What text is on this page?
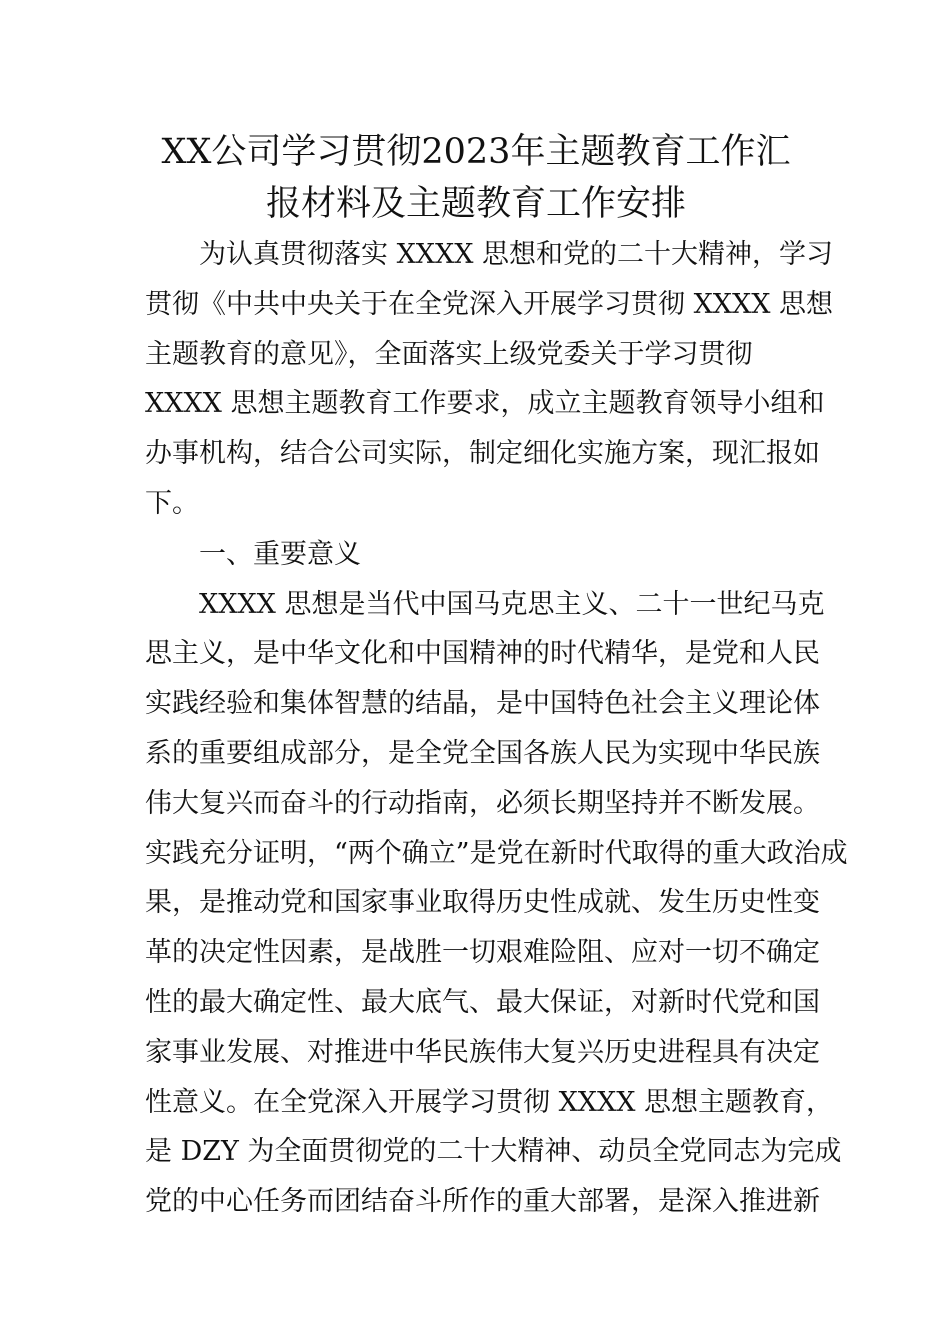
XX公司学习贯彻2023年主题教育工作汇
报材料及主题教育工作安排
为认真贯彻落实 XXXX 思想和党的二十大精神，学习
贯彻《中共中央关于在全党深入开展学习贯彻 XXXX 思想
主题教育的意见》，全面落实上级党委关于学习贯彻
XXXX 思想主题教育工作要求，成立主题教育领导小组和
办事机构，结合公司实际，制定细化实施方案，现汇报如
下。
一、重要意义
XXXX 思想是当代中国马克思主义、二十一世纪马克
思主义，是中华文化和中国精神的时代精华，是党和人民
实践经验和集体智慧的结晶，是中国特色社会主义理论体
系的重要组成部分，是全党全国各族人民为实现中华民族
伟大复兴而奋斗的行动指南，必须长期坚持并不断发展。
实践充分证明，“两个确立”是党在新时代取得的重大政治成
果，是推动党和国家事业取得历史性成就、发生历史性变
革的决定性因素，是战胜一切艰难险阻、应对一切不确定
性的最大确定性、最大底气、最大保证，对新时代党和国
家事业发展、对推进中华民族伟大复兴历史进程具有决定
性意义。在全党深入开展学习贯彻 XXXX 思想主题教育，
是 DZY 为全面贯彻党的二十大精神、动员全党同志为完成
党的中心任务而团结奋斗所作的重大部署，是深入推进新
